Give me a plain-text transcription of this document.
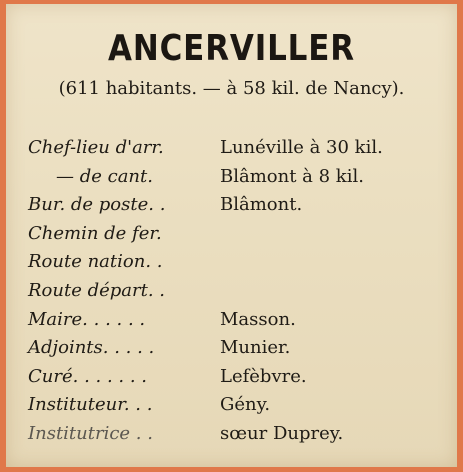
ANCERVILLER
(611 habitants. — à 58 kil. de Nancy).
Chef-lieu d'arr.	Lunéville à 30 kil.
— de cant.	Blâmont à 8 kil.
Bur. de poste. .	Blâmont.
Chemin de fer.
Route nation. .
Route départ. .
Maire. . . . . .	Masson.
Adjoints. . . . .	Munier.
Curé. . . . . . .	Lefèbvre.
Instituteur. . .	Gény.
Institutrice . .	sœur Duprey.
